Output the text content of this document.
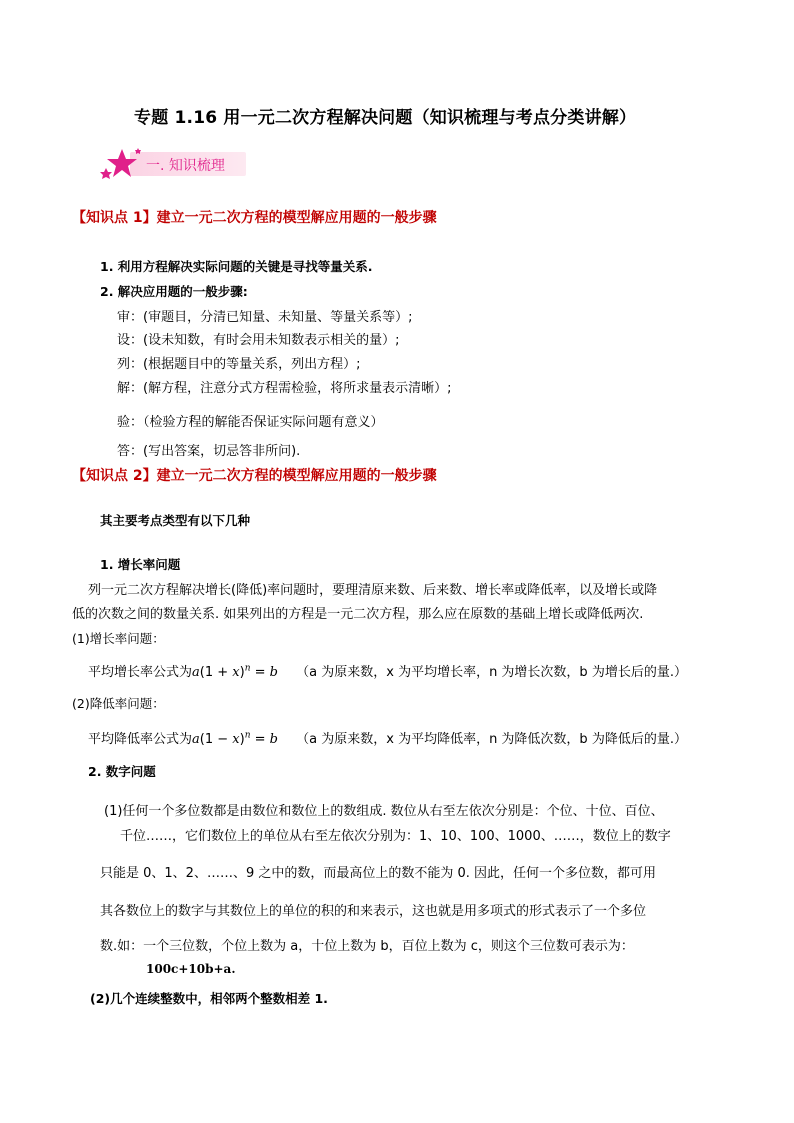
专题 1.16 用一元二次方程解决问题（知识梳理与考点分类讲解）
一. 知识梳理
【知识点 1】建立一元二次方程的模型解应用题的一般步骤
1. 利用方程解决实际问题的关键是寻找等量关系.
2. 解决应用题的一般步骤:
审：(审题目，分清已知量、未知量、等量关系等）;
设：(设未知数，有时会用未知数表示相关的量）;
列：(根据题目中的等量关系，列出方程）;
解：(解方程，注意分式方程需检验，将所求量表示清晰）;
验：（检验方程的解能否保证实际问题有意义）
答：(写出答案，切忌答非所问).
【知识点 2】建立一元二次方程的模型解应用题的一般步骤
其主要考点类型有以下几种
1. 增长率问题
列一元二次方程解决增长(降低)率问题时，要理清原来数、后来数、增长率或降低率，以及增长或降
低的次数之间的数量关系. 如果列出的方程是一元二次方程，那么应在原数的基础上增长或降低两次.
(1)增长率问题：
平均增长率公式为$a(1 + x)^n = b$ （a 为原来数，x 为平均增长率，n 为增长次数，b 为增长后的量.）
(2)降低率问题：
平均降低率公式为$a(1 - x)^n = b$ （a 为原来数，x 为平均降低率，n 为降低次数，b 为降低后的量.）
2. 数字问题
(1)任何一个多位数都是由数位和数位上的数组成. 数位从右至左依次分别是：个位、十位、百位、
千位……，它们数位上的单位从右至左依次分别为：1、10、100、1000、……，数位上的数字
只能是 0、1、2、……、9 之中的数，而最高位上的数不能为 0. 因此，任何一个多位数，都可用
其各数位上的数字与其数位上的单位的积的和来表示，这也就是用多项式的形式表示了一个多位
数.如：一个三位数，个位上数为 a，十位上数为 b，百位上数为 c，则这个三位数可表示为：
100c+10b+a.
(2)几个连续整数中，相邻两个整数相差 1.
